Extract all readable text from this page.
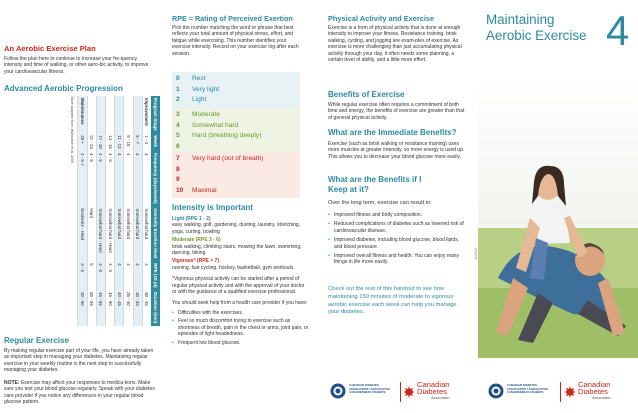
An Aerobic Exercise Plan
Follow the plan here to continue to increase your fre-quency, intensity and time of walking, or other aero-bic activity, to improve your cardiovascular fitness.
Advanced Aerobic Progression
Program Stage	Week	Frequency (days/week)	Intensity Exertion level	RPE (10 pt)	Duration (min)
Improvement	1 - 4	4	Somewhat hard	4	30 - 35
	5 - 7	4	Somewhat hard	4	30 - 35
	8 - 10	4	Somewhat hard	4	35 - 40
	11 - 13	4	Somewhat hard	4	40 - 45
	14 - 16	4 - 5	Somewhat hard - Hard	4 - 5	45 - 50
	17 - 20	4 - 5	Somewhat hard - Hard	4 - 5	45 - 55
	21 - 24	4 - 5	Hard	5	50 - 55
Maintenance	25 +	4 - 5 +	Moderate - Hard	3 - 6	30 - 60
Table adapted from: Warburton et al, 2006
Regular Exercise
By making regular exercise part of your life, you have already taken an important step in managing your diabetes. Maintaining regular exercise in your weekly routine is the next step to successfully managing your diabetes.
NOTE: Exercise may affect your responses to medica-tions. Make sure you test your blood glucose regularly. Speak with your diabetes care provider if you notice any differences in your regular blood glucose pattern.
RPE = Rating of Perceived Exertion
Pick the number matching the word or phrase that best reflects your total amount of physical stress, effort, and fatigue while exercising. This number identifies your exercise intensity. Record on your exercise log after each session.
0	Rest
1	Very light
2	Light
3	Moderate
4	Somewhat hard
5	Hard (breathing deeply)
6
7	Very hard (out of breath)
8
9
10	Maximal
Intensity is Important
Light (RPE 1 - 2)
easy walking, golf, gardening, dusting, laundry, stretching, yoga, curling, bowling
Moderate (RPE 3 - 6)
brisk walking, climbing stairs, mowing the lawn, swimming, dancing, biking
Vigorous* (RPE > 7)
running, fast cycling, hockey, basketball, gym workouts
*Vigorous physical activity can be started after a period of regular physical activity and with the approval of your doctor or with the guidance of a qualified exercise professional.
You should seek help from a health care provider if you have:
• Difficulties with the exercises.
• Feel so much discomfort trying to exercise such as shortness of breath, pain in the chest or arms, joint pain, or episodes of light headedness.
• Frequent low blood glucose.
Physical Activity and Exercise
Exercise is a form of physical activity that is done at enough intensity to improve your fitness. Resistance training, brisk walking, cycling, and jogging are exam-ples of exercise. As exercise is more challenging than just accumulating physical activity through your day, it often needs some planning, a certain level of ability, and a little more effort.
Benefits of Exercise
While regular exercise often requires a commitment of both time and energy, the benefits of exercise are greater than that of general physical activity.
What are the Immediate Benefits?
Exercise (such as brisk walking or resistance training) uses more muscles at greater intensity, so more energy is used up. This allows you to decrease your blood glucose more easily.
What are the Benefits if I Keep at it?
Over the long term, exercise can result in:
• Improved fitness and body composition.
• Reduced complications of diabetes such as lowered risk of cardiovascular disease.
• Improved diabetes, including blood glucose, blood lipids, and blood pressure.
• Improved overall fitness and health. You can enjoy many things in life more easily.
Check out the rest of this handout to see how maintaining 150 minutes of moderate to vigorous aerobic exercise each week can help you manage your diabetes.
113412
CANADIAN DIABETES ASSOCIATION / ASSOCIATION CANADIENNE DU DIABÈTE
Canadian
Diabetes
Association
Maintaining
Aerobic Exercise 4
CANADIAN DIABETES ASSOCIATION / ASSOCIATION CANADIENNE DU DIABÈTE
Canadian
Diabetes
Association
